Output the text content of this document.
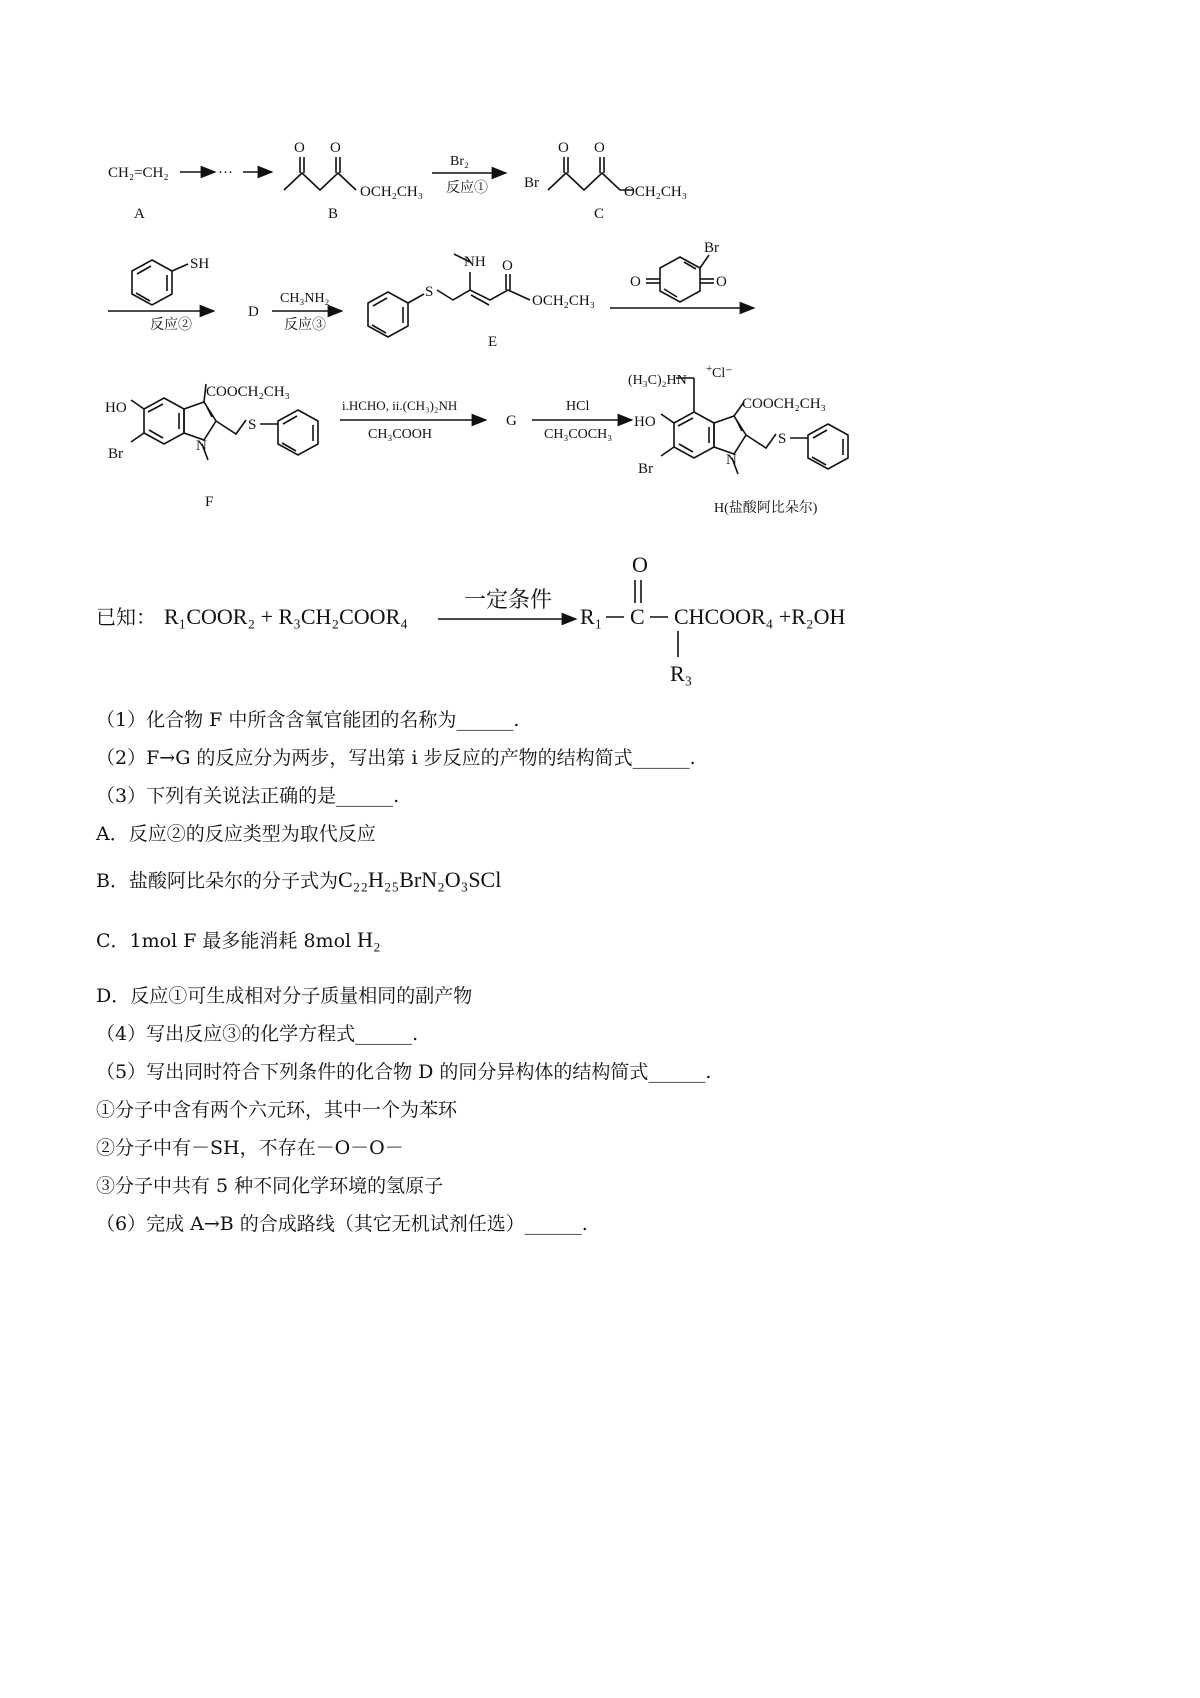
CH₂=CH₂	···
A
O O
OCH₂CH₃
B
Br₂
反应① Br
O O
OCH₂CH₃
C
SH
反应②
D
CH₃NH₂
反应③
S
NH O
OCH₂CH₃
E
Br
O	O
COOCH₂CH₃
HO
Br	N
S
F
i.HCHO, ii.(CH₃)₂NH
CH₃COOH
G
HCl
CH₃COCH₃
(H₃C)₂HN
+ Cl⁻
COOCH₂CH₃
HO
Br
N
S
H(盐酸阿比朵尔)
已知： R₁COOR₂ + R₃CH₂COOR₄
一定条件
R₁ C
O
CHCOOR₄ +R₂OH
R₃
（1）化合物 F 中所含含氧官能团的名称为______.
（2）F→G 的反应分为两步，写出第 i 步反应的产物的结构简式______.
（3）下列有关说法正确的是______.
A．反应②的反应类型为取代反应
B．盐酸阿比朵尔的分子式为C₂₂H₂₅BrN₂O₃SCl
C．1mol F 最多能消耗 8mol H₂
D．反应①可生成相对分子质量相同的副产物
（4）写出反应③的化学方程式______.
（5）写出同时符合下列条件的化合物 D 的同分异构体的结构简式______.
①分子中含有两个六元环，其中一个为苯环
②分子中有－SH，不存在－O－O－
③分子中共有 5 种不同化学环境的氢原子
（6）完成 A→B 的合成路线（其它无机试剂任选）______.
